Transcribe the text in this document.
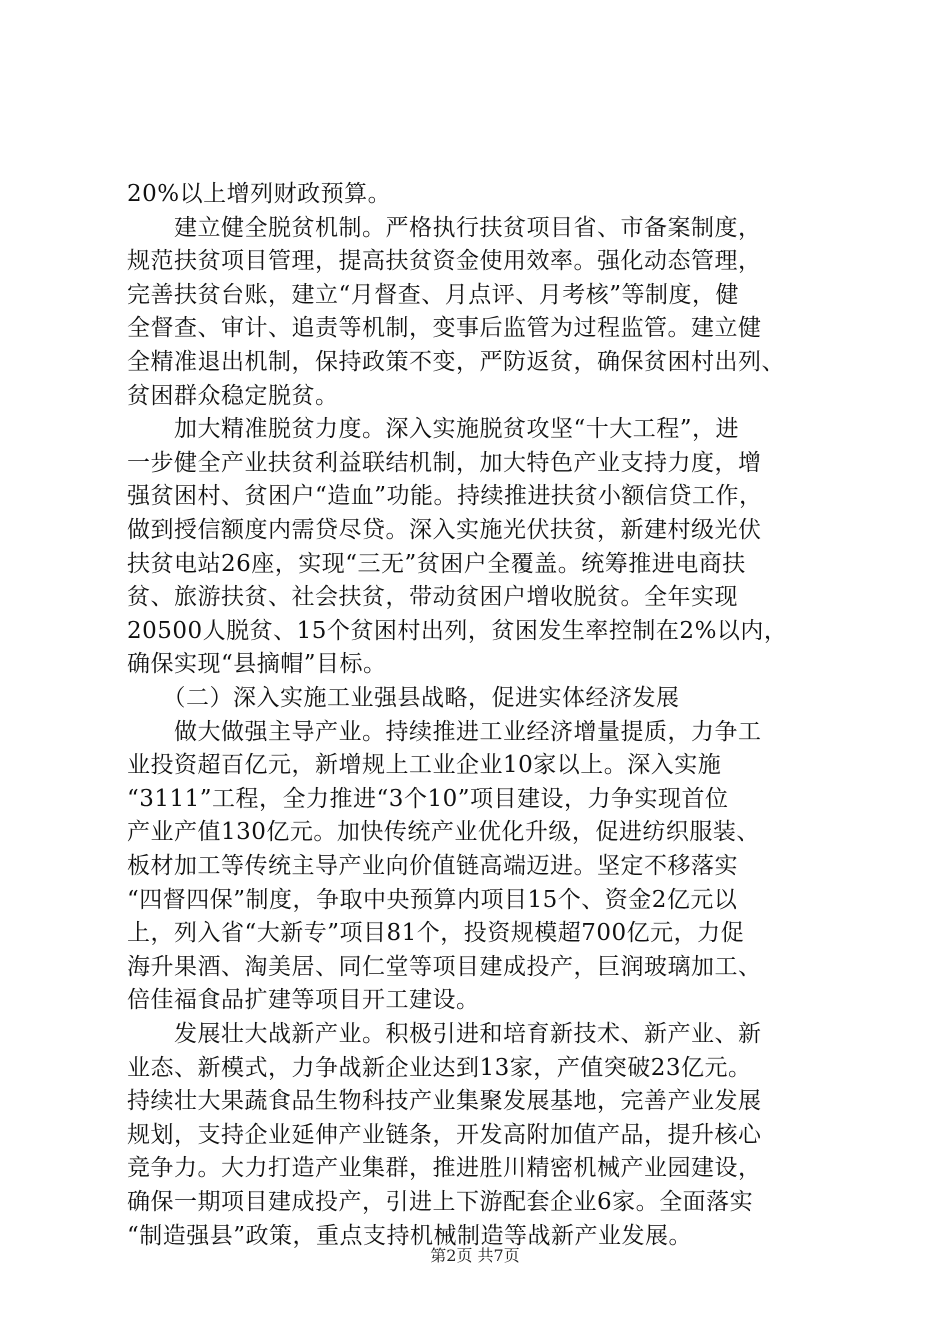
20%以上增列财政预算。
　　建立健全脱贫机制。严格执行扶贫项目省、市备案制度，
规范扶贫项目管理，提高扶贫资金使用效率。强化动态管理，
完善扶贫台账，建立“月督查、月点评、月考核”等制度，健
全督查、审计、追责等机制，变事后监管为过程监管。建立健
全精准退出机制，保持政策不变，严防返贫，确保贫困村出列、
贫困群众稳定脱贫。
　　加大精准脱贫力度。深入实施脱贫攻坚“十大工程”，进
一步健全产业扶贫利益联结机制，加大特色产业支持力度，增
强贫困村、贫困户“造血”功能。持续推进扶贫小额信贷工作，
做到授信额度内需贷尽贷。深入实施光伏扶贫，新建村级光伏
扶贫电站26座，实现“三无”贫困户全覆盖。统筹推进电商扶
贫、旅游扶贫、社会扶贫，带动贫困户增收脱贫。全年实现
20500人脱贫、15个贫困村出列，贫困发生率控制在2%以内，
确保实现“县摘帽”目标。
　　（二）深入实施工业强县战略，促进实体经济发展
　　做大做强主导产业。持续推进工业经济增量提质，力争工
业投资超百亿元，新增规上工业企业10家以上。深入实施
“3111”工程，全力推进“3个10”项目建设，力争实现首位
产业产值130亿元。加快传统产业优化升级，促进纺织服装、
板材加工等传统主导产业向价值链高端迈进。坚定不移落实
“四督四保”制度，争取中央预算内项目15个、资金2亿元以
上，列入省“大新专”项目81个，投资规模超700亿元，力促
海升果酒、淘美居、同仁堂等项目建成投产，巨润玻璃加工、
倍佳福食品扩建等项目开工建设。
　　发展壮大战新产业。积极引进和培育新技术、新产业、新
业态、新模式，力争战新企业达到13家，产值突破23亿元。
持续壮大果蔬食品生物科技产业集聚发展基地，完善产业发展
规划，支持企业延伸产业链条，开发高附加值产品，提升核心
竞争力。大力打造产业集群，推进胜川精密机械产业园建设，
确保一期项目建成投产，引进上下游配套企业6家。全面落实
“制造强县”政策，重点支持机械制造等战新产业发展。
第2页 共7页
